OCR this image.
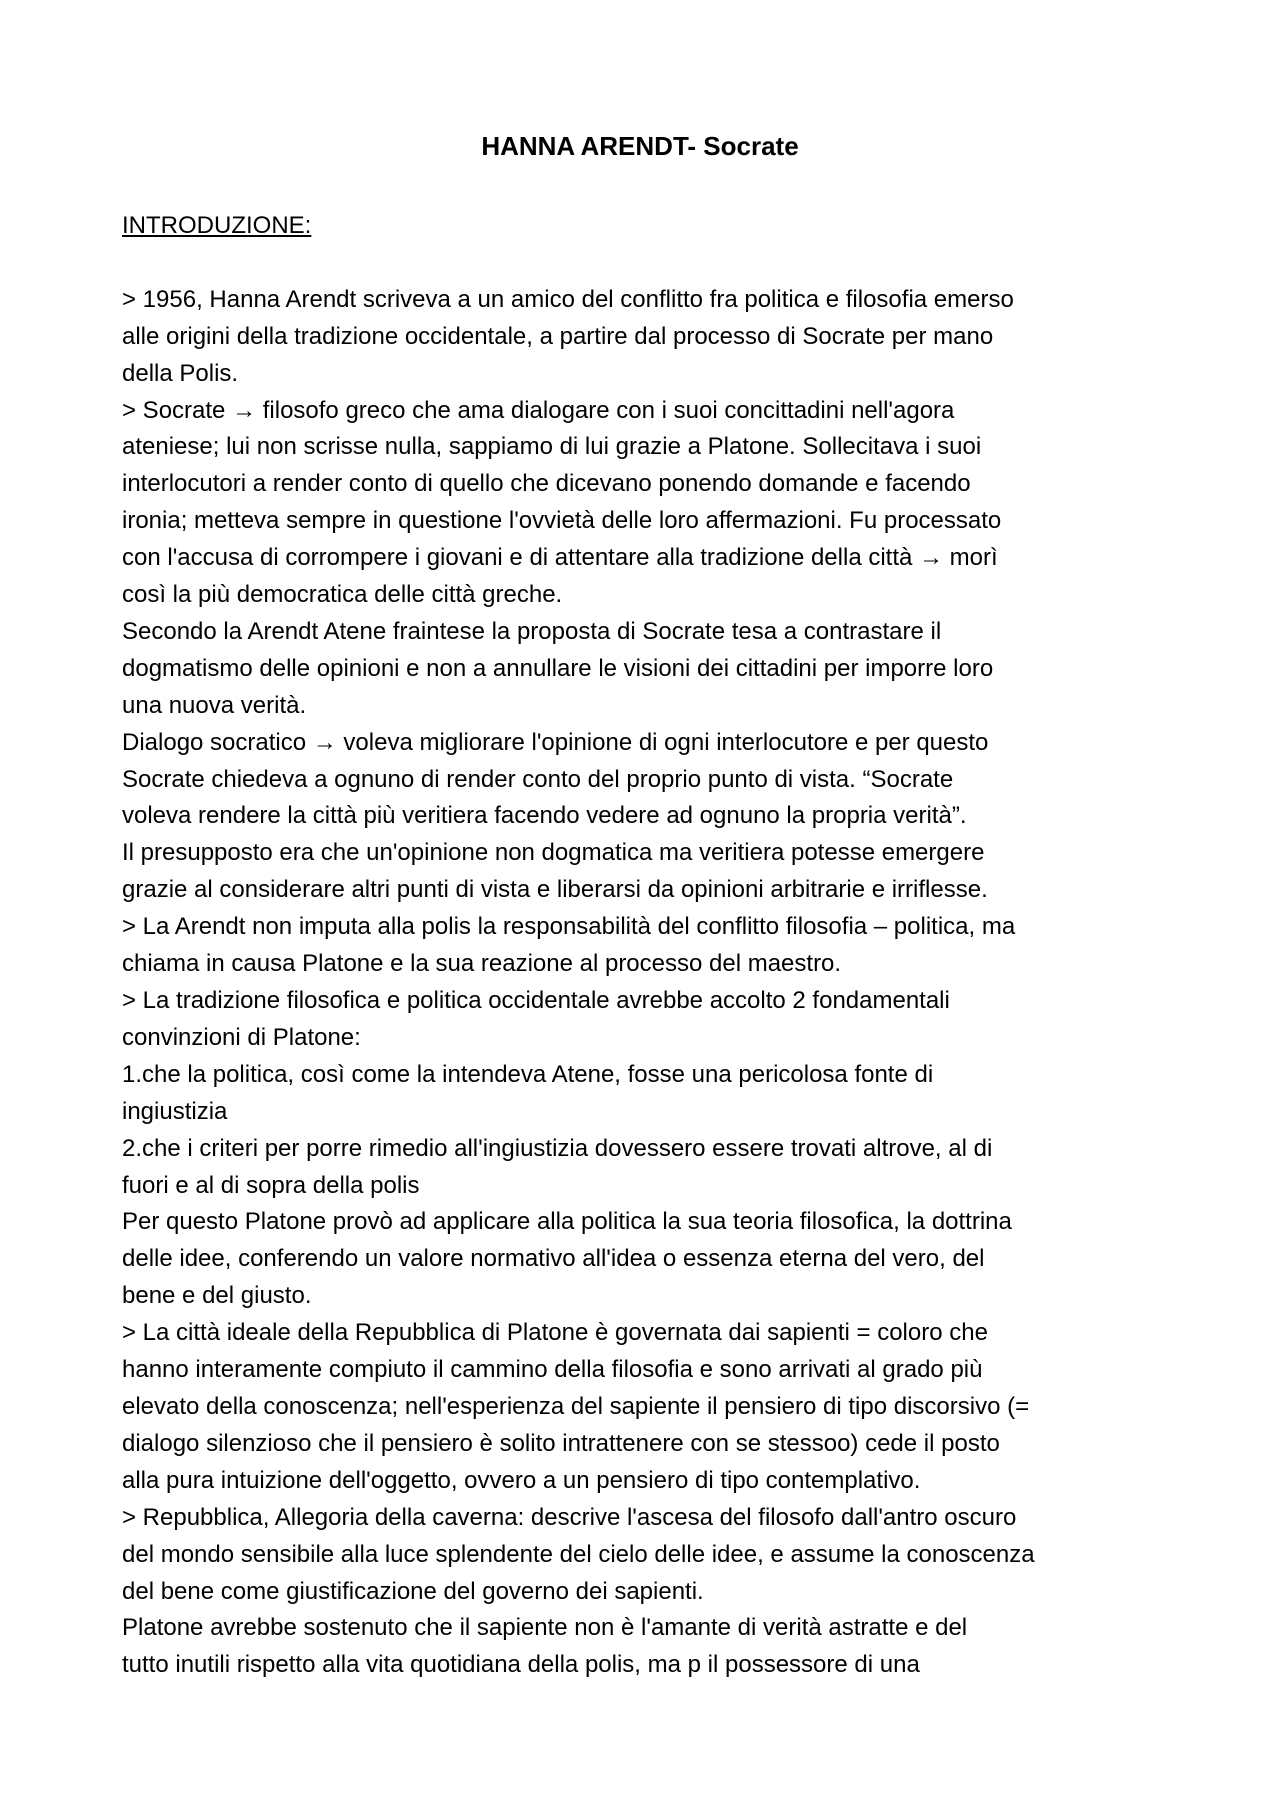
HANNA ARENDT- Socrate

INTRODUZIONE:

> 1956, Hanna Arendt scriveva a un amico del conflitto fra politica e filosofia emerso

alle origini della tradizione occidentale, a partire dal processo di Socrate per mano

della Polis.

> Socrate → filosofo greco che ama dialogare con i suoi concittadini nell'agora

ateniese; lui non scrisse nulla, sappiamo di lui grazie a Platone. Sollecitava i suoi

interlocutori a render conto di quello che dicevano ponendo domande e facendo

ironia; metteva sempre in questione l'ovvietà delle loro affermazioni. Fu processato

con l'accusa di corrompere i giovani e di attentare alla tradizione della città → morì

così la più democratica delle città greche.

Secondo la Arendt Atene fraintese la proposta di Socrate tesa a contrastare il

dogmatismo delle opinioni e non a annullare le visioni dei cittadini per imporre loro

una nuova verità.

Dialogo socratico → voleva migliorare l'opinione di ogni interlocutore e per questo

Socrate chiedeva a ognuno di render conto del proprio punto di vista. “Socrate

voleva rendere la città più veritiera facendo vedere ad ognuno la propria verità”.

Il presupposto era che un'opinione non dogmatica ma veritiera potesse emergere

grazie al considerare altri punti di vista e liberarsi da opinioni arbitrarie e irriflesse.

> La Arendt non imputa alla polis la responsabilità del conflitto filosofia – politica, ma

chiama in causa Platone e la sua reazione al processo del maestro.

> La tradizione filosofica e politica occidentale avrebbe accolto 2 fondamentali

convinzioni di Platone:

1.che la politica, così come la intendeva Atene, fosse una pericolosa fonte di

ingiustizia

2.che i criteri per porre rimedio all'ingiustizia dovessero essere trovati altrove, al di

fuori e al di sopra della polis

Per questo Platone provò ad applicare alla politica la sua teoria filosofica, la dottrina

delle idee, conferendo un valore normativo all'idea o essenza eterna del vero, del

bene e del giusto.

> La città ideale della Repubblica di Platone è governata dai sapienti = coloro che

hanno interamente compiuto il cammino della filosofia e sono arrivati al grado più

elevato della conoscenza; nell'esperienza del sapiente il pensiero di tipo discorsivo (=

dialogo silenzioso che il pensiero è solito intrattenere con se stessoo) cede il posto

alla pura intuizione dell'oggetto, ovvero a un pensiero di tipo contemplativo.

> Repubblica, Allegoria della caverna: descrive l'ascesa del filosofo dall'antro oscuro

del mondo sensibile alla luce splendente del cielo delle idee, e assume la conoscenza

del bene come giustificazione del governo dei sapienti.

Platone avrebbe sostenuto che il sapiente non è l'amante di verità astratte e del

tutto inutili rispetto alla vita quotidiana della polis, ma p il possessore di una
